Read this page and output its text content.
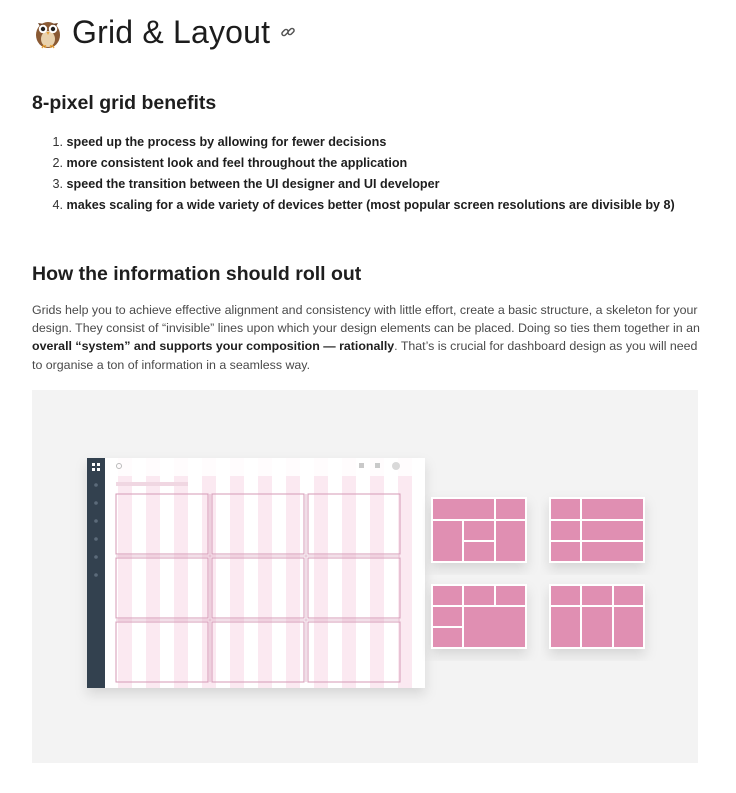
Grid & Layout
8-pixel grid benefits
1.
speed up the process by allowing for fewer decisions
2.
more consistent look and feel throughout the application
3.
speed the transition between the UI designer and UI developer
4.
makes scaling for a wide variety of devices better (most popular screen resolutions are divisible by 8)
How the information should roll out

Grids help you to achieve effective alignment and consistency with little effort, create a basic structure, a skeleton for your design. They consist of “invisible” lines upon which your design elements can be placed. Doing so ties them together in an overall “system” and supports your composition — rationally. That’s is crucial for dashboard design as you will need to organise a ton of information in a seamless way.
